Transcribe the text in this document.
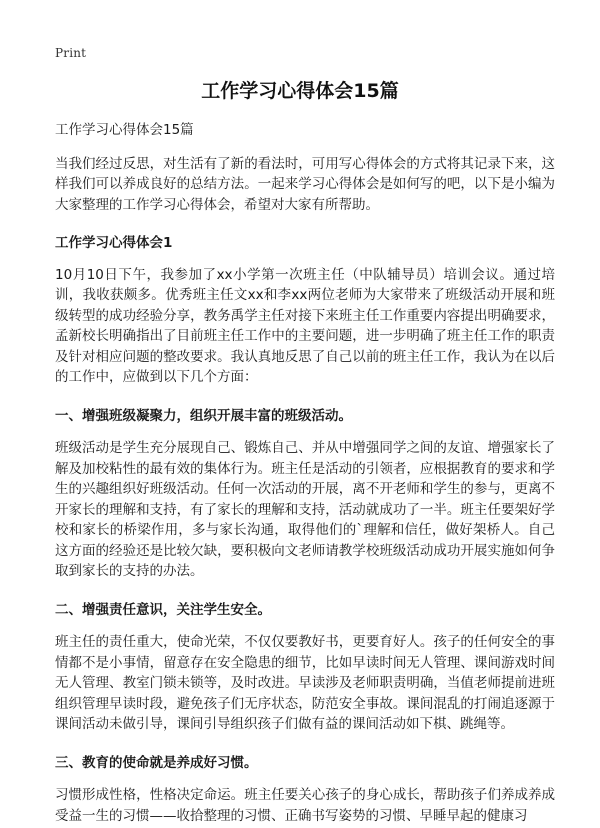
Print
工作学习心得体会15篇

工作学习心得体会15篇

当我们经过反思，对生活有了新的看法时，可用写心得体会的方式将其记录下来，这样我们可以养成良好的总结方法。一起来学习心得体会是如何写的吧，以下是小编为大家整理的工作学习心得体会，希望对大家有所帮助。

工作学习心得体会1

10月10日下午，我参加了xx小学第一次班主任（中队辅导员）培训会议。通过培训，我收获颇多。优秀班主任文xx和李xx两位老师为大家带来了班级活动开展和班级转型的成功经验分享，教务禹学主任对接下来班主任工作重要内容提出明确要求，孟新校长明确指出了目前班主任工作中的主要问题，进一步明确了班主任工作的职责及针对相应问题的整改要求。我认真地反思了自己以前的班主任工作，我认为在以后的工作中，应做到以下几个方面：

一、增强班级凝聚力，组织开展丰富的班级活动。

班级活动是学生充分展现自己、锻炼自己、并从中增强同学之间的友谊、增强家长了解及加校粘性的最有效的集体行为。班主任是活动的引领者，应根据教育的要求和学生的兴趣组织好班级活动。任何一次活动的开展，离不开老师和学生的参与，更离不开家长的理解和支持，有了家长的理解和支持，活动就成功了一半。班主任要架好学校和家长的桥梁作用，多与家长沟通，取得他们的`理解和信任，做好架桥人。自己这方面的经验还是比较欠缺，要积极向文老师请教学校班级活动成功开展实施如何争取到家长的支持的办法。

二、增强责任意识，关注学生安全。

班主任的责任重大，使命光荣，不仅仅要教好书，更要育好人。孩子的任何安全的事情都不是小事情，留意存在安全隐患的细节，比如早读时间无人管理、课间游戏时间无人管理、教室门锁未锁等，及时改进。早读涉及老师职责明确，当值老师提前进班组织管理早读时段，避免孩子们无序状态，防范安全事故。课间混乱的打闹追逐源于课间活动未做引导，课间引导组织孩子们做有益的课间活动如下棋、跳绳等。

三、教育的使命就是养成好习惯。

习惯形成性格，性格决定命运。班主任要关心孩子的身心成长，帮助孩子们养成养成受益一生的习惯——收拾整理的习惯、正确书写姿势的习惯、早睡早起的健康习
